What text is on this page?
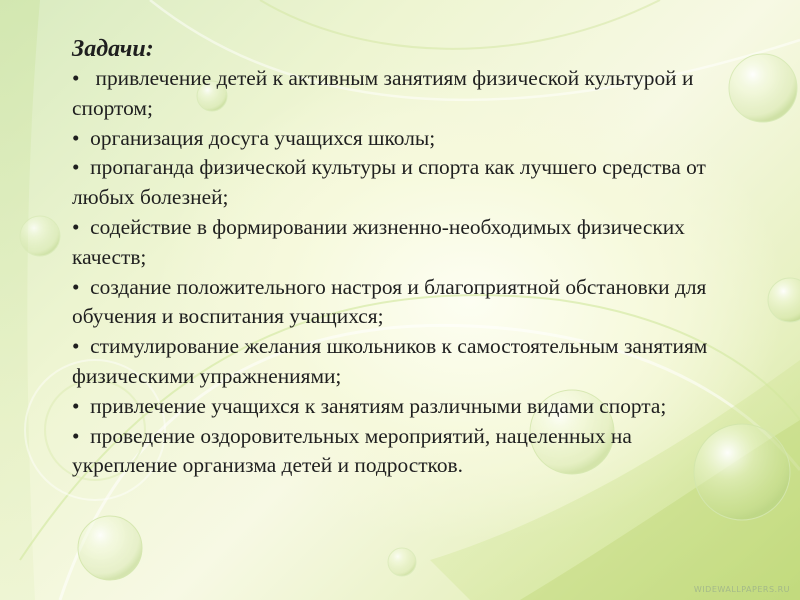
Задачи:
•   привлечение детей к активным занятиям физической культурой и      спортом;
•  организация досуга учащихся школы;
•  пропаганда физической культуры и спорта как лучшего средства от любых болезней;
•  содействие в формировании жизненно-необходимых физических качеств;
•  создание положительного настроя и благоприятной обстановки для обучения и воспитания учащихся;
•  стимулирование желания школьников к самостоятельным занятиям физическими упражнениями;
•  привлечение учащихся к занятиям различными видами спорта;
•  проведение оздоровительных мероприятий, нацеленных на укрепление организма детей и подростков.
WIDEWALLPAPERS.RU
